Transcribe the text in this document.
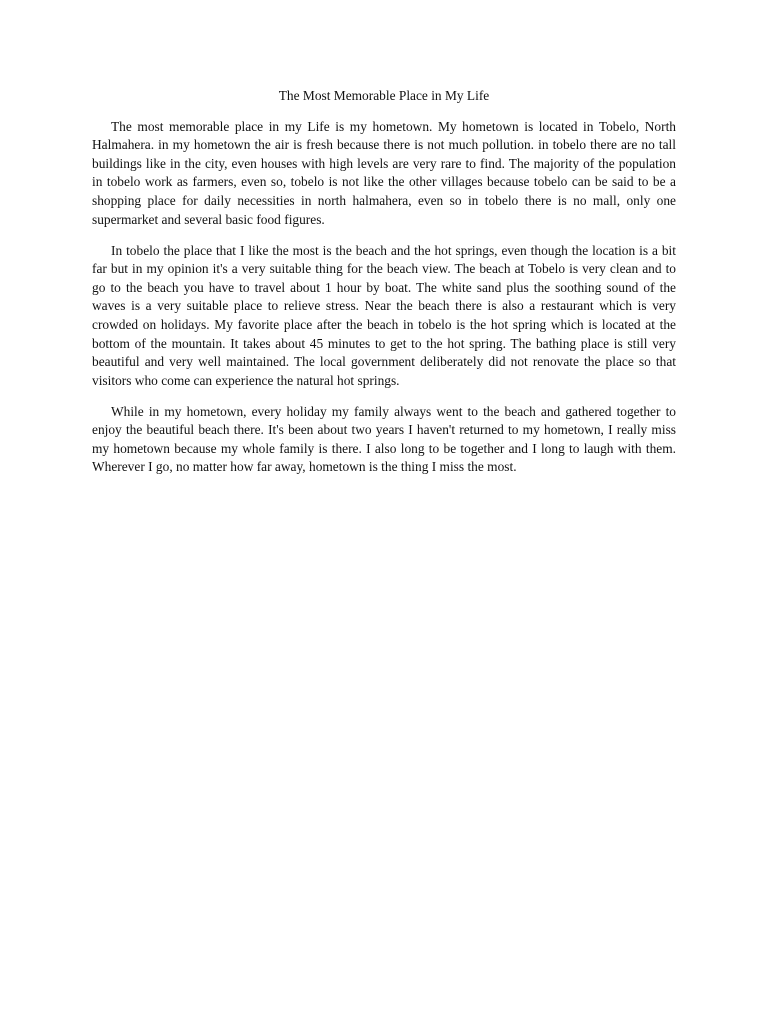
The Most Memorable Place in My Life

The most memorable place in my Life is my hometown. My hometown is located in Tobelo, North Halmahera. in my hometown the air is fresh because there is not much pollution. in tobelo there are no tall buildings like in the city, even houses with high levels are very rare to find. The majority of the population in tobelo work as farmers, even so, tobelo is not like the other villages because tobelo can be said to be a shopping place for daily necessities in north halmahera, even so in tobelo there is no mall, only one supermarket and several basic food figures.

In tobelo the place that I like the most is the beach and the hot springs, even though the location is a bit far but in my opinion it's a very suitable thing for the beach view. The beach at Tobelo is very clean and to go to the beach you have to travel about 1 hour by boat. The white sand plus the soothing sound of the waves is a very suitable place to relieve stress. Near the beach there is also a restaurant which is very crowded on holidays. My favorite place after the beach in tobelo is the hot spring which is located at the bottom of the mountain. It takes about 45 minutes to get to the hot spring. The bathing place is still very beautiful and very well maintained. The local government deliberately did not renovate the place so that visitors who come can experience the natural hot springs.

While in my hometown, every holiday my family always went to the beach and gathered together to enjoy the beautiful beach there. It's been about two years I haven't returned to my hometown, I really miss my hometown because my whole family is there. I also long to be together and I long to laugh with them. Wherever I go, no matter how far away, hometown is the thing I miss the most.
